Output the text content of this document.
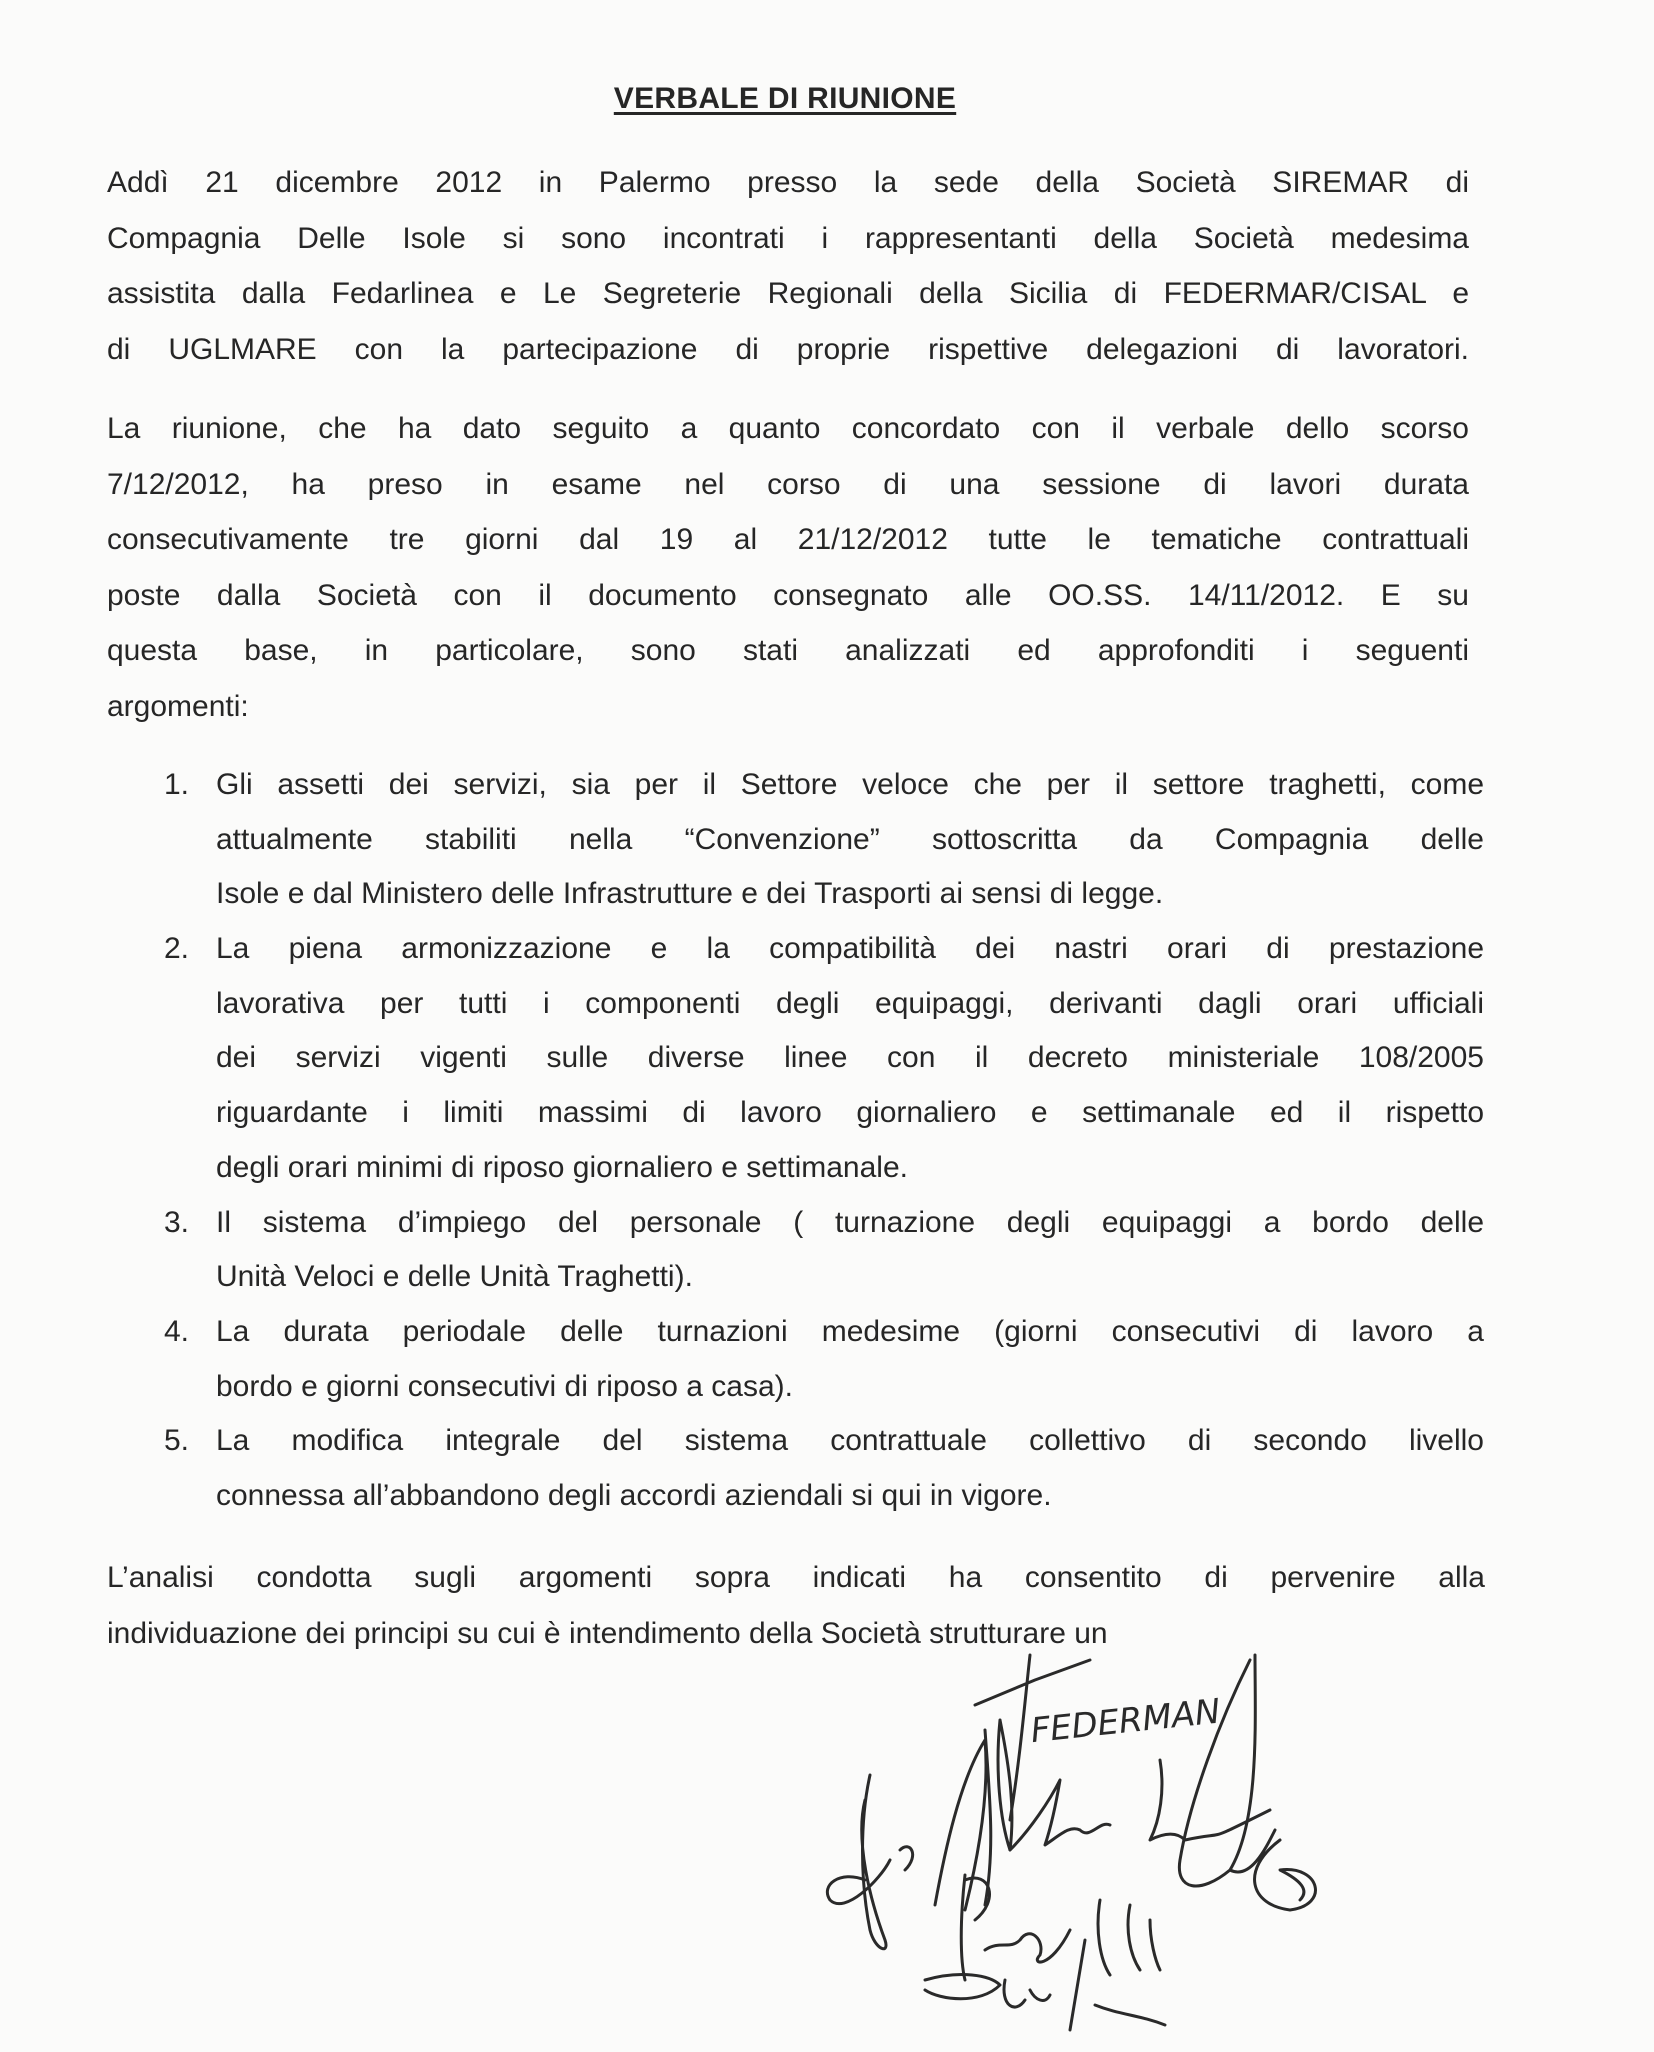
VERBALE DI RIUNIONE
Addì 21 dicembre 2012 in Palermo presso la sede della Società SIREMAR di
Compagnia Delle Isole si sono incontrati i rappresentanti della Società medesima
assistita dalla Fedarlinea e Le Segreterie Regionali della Sicilia di FEDERMAR/CISAL e
di UGLMARE con la partecipazione di proprie rispettive delegazioni di lavoratori.
La riunione, che ha dato seguito a quanto concordato con il verbale dello scorso
7/12/2012, ha preso in esame nel corso di una sessione di lavori durata
consecutivamente tre giorni dal 19 al 21/12/2012 tutte le tematiche contrattuali
poste dalla Società con il documento consegnato alle OO.SS. 14/11/2012. E su
questa base, in particolare, sono stati analizzati ed approfonditi i seguenti
argomenti:
1. Gli assetti dei servizi, sia per il Settore veloce che per il settore traghetti, come
attualmente stabiliti nella “Convenzione” sottoscritta da Compagnia delle
Isole e dal Ministero delle Infrastrutture e dei Trasporti ai sensi di legge.
2. La piena armonizzazione e la compatibilità dei nastri orari di prestazione
lavorativa per tutti i componenti degli equipaggi, derivanti dagli orari ufficiali
dei servizi vigenti sulle diverse linee con il decreto ministeriale 108/2005
riguardante i limiti massimi di lavoro giornaliero e settimanale ed il rispetto
degli orari minimi di riposo giornaliero e settimanale.
3. Il sistema d’impiego del personale ( turnazione degli equipaggi a bordo delle
Unità Veloci e delle Unità Traghetti).
4. La durata periodale delle turnazioni medesime (giorni consecutivi di lavoro a
bordo e giorni consecutivi di riposo a casa).
5. La modifica integrale del sistema contrattuale collettivo di secondo livello
connessa all’abbandono degli accordi aziendali si qui in vigore.
L’analisi condotta sugli argomenti sopra indicati ha consentito di pervenire alla
individuazione dei principi su cui è intendimento della Società strutturare un
FEDERMAN
